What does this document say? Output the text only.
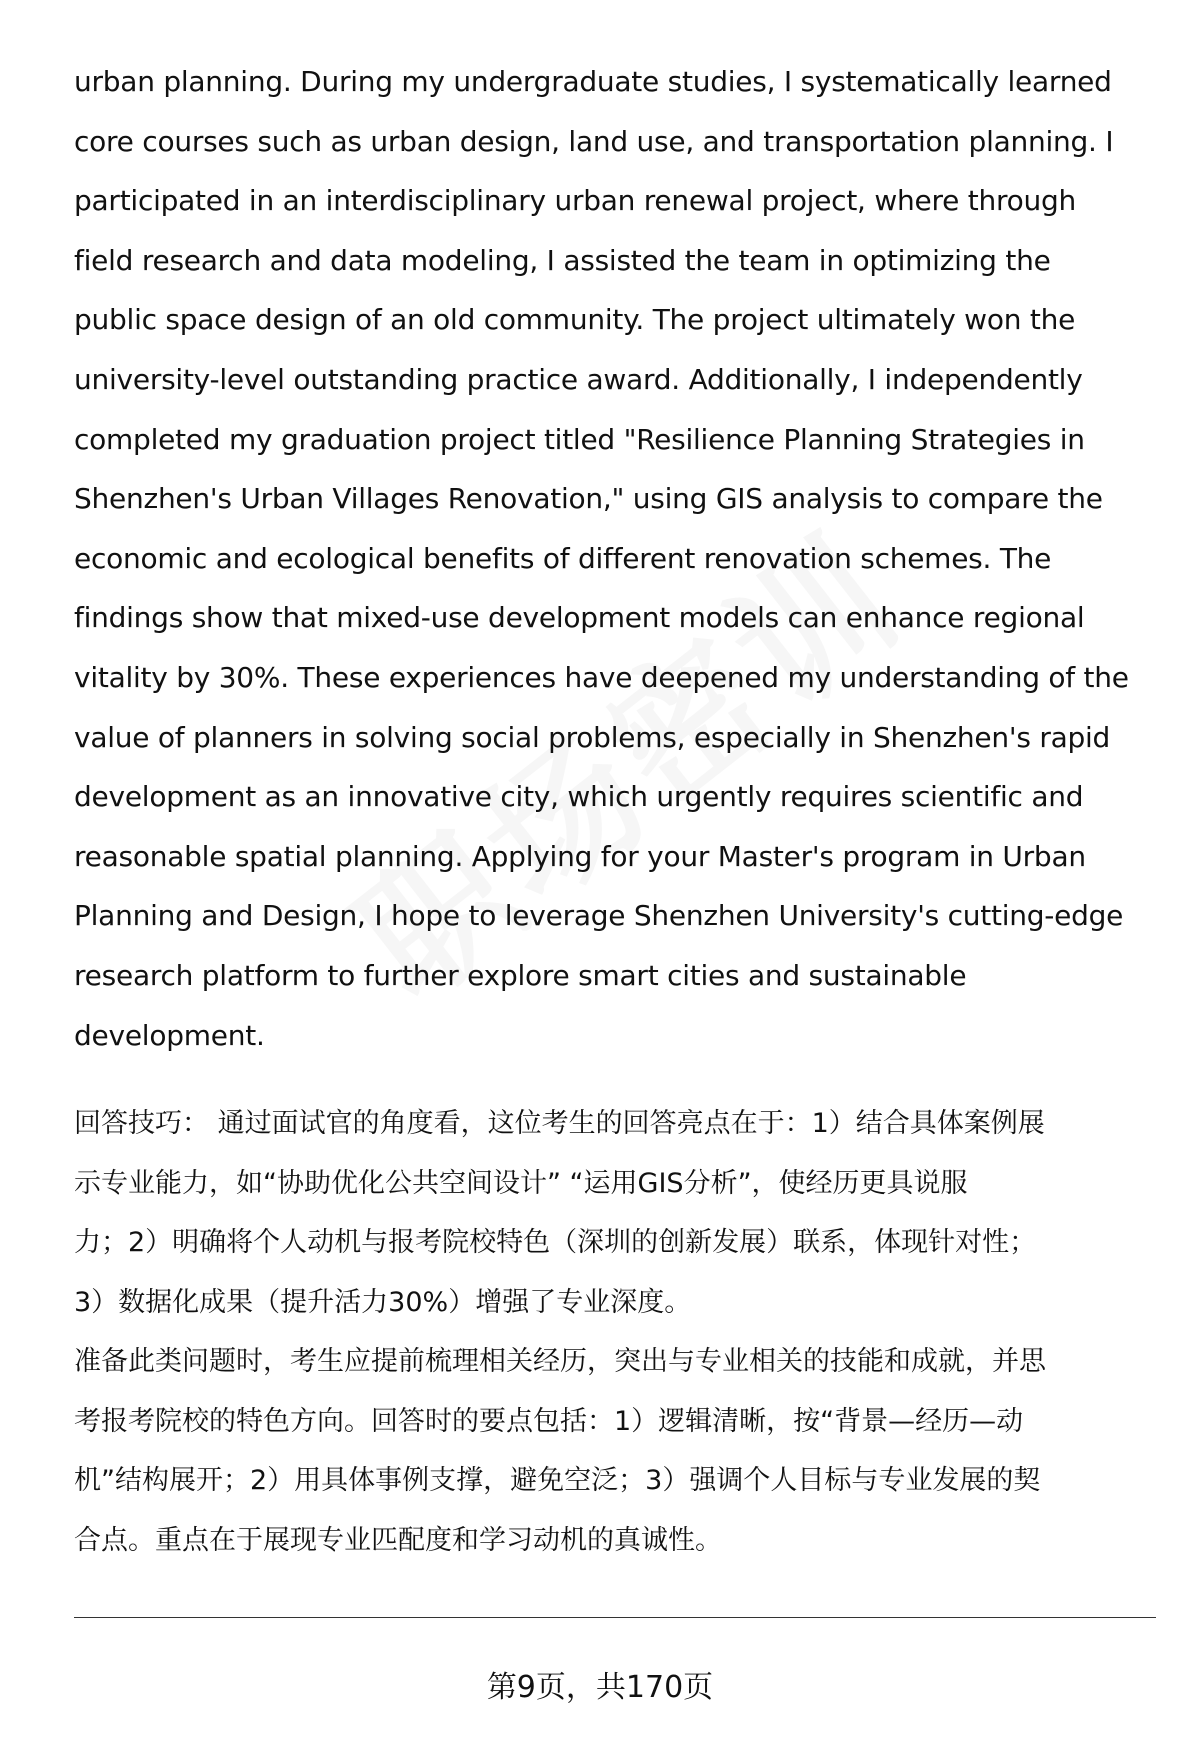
urban planning. During my undergraduate studies, I systematically learned
core courses such as urban design, land use, and transportation planning. I
participated in an interdisciplinary urban renewal project, where through
field research and data modeling, I assisted the team in optimizing the
public space design of an old community. The project ultimately won the
university-level outstanding practice award. Additionally, I independently
completed my graduation project titled "Resilience Planning Strategies in
Shenzhen's Urban Villages Renovation," using GIS analysis to compare the
economic and ecological benefits of different renovation schemes. The
findings show that mixed-use development models can enhance regional
vitality by 30%. These experiences have deepened my understanding of the
value of planners in solving social problems, especially in Shenzhen's rapid
development as an innovative city, which urgently requires scientific and
reasonable spatial planning. Applying for your Master's program in Urban
Planning and Design, I hope to leverage Shenzhen University's cutting-edge
research platform to further explore smart cities and sustainable
development.
回答技巧： 通过面试官的角度看，这位考生的回答亮点在于：1）结合具体案例展
示专业能力，如“协助优化公共空间设计” “运用GIS分析”，使经历更具说服
力；2）明确将个人动机与报考院校特色（深圳的创新发展）联系，体现针对性；
3）数据化成果（提升活力30%）增强了专业深度。
准备此类问题时，考生应提前梳理相关经历，突出与专业相关的技能和成就，并思
考报考院校的特色方向。回答时的要点包括：1）逻辑清晰，按“背景—经历—动
机”结构展开；2）用具体事例支撑，避免空泛；3）强调个人目标与专业发展的契
合点。重点在于展现专业匹配度和学习动机的真诚性。
第9页，共170页
